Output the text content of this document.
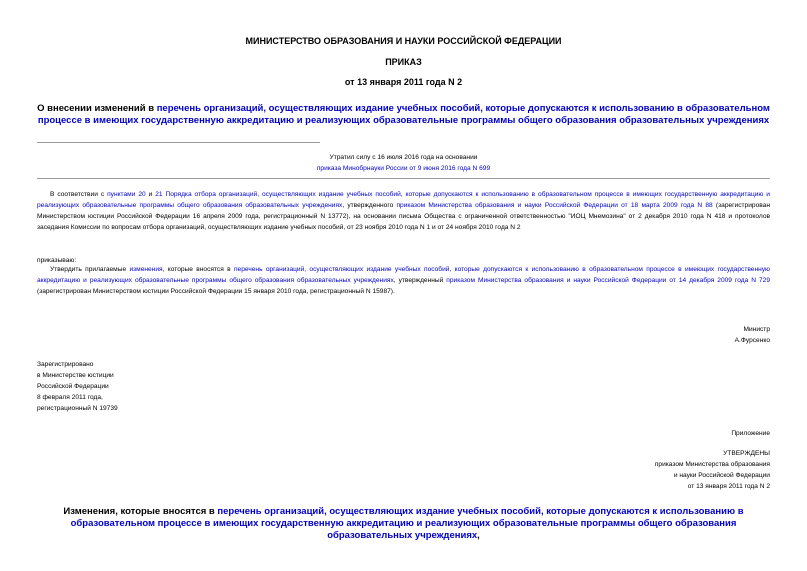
МИНИСТЕРСТВО ОБРАЗОВАНИЯ И НАУКИ РОССИЙСКОЙ ФЕДЕРАЦИИ
ПРИКАЗ
от 13 января 2011 года N 2
О внесении изменений в перечень организаций, осуществляющих издание учебных пособий, которые допускаются к использованию в образовательном процессе в имеющих государственную аккредитацию и реализующих образовательные программы общего образования образовательных учреждениях
Утратил силу с 16 июля 2016 года на основании
приказа Минобрнауки России от 9 июня 2016 года N 699
В соответствии с пунктами 20 и 21 Порядка отбора организаций, осуществляющих издание учебных пособий, которые допускаются к использованию в образовательном процессе в имеющих государственную аккредитацию и реализующих образовательные программы общего образования образовательных учреждениях, утвержденного приказом Министерства образования и науки Российской Федерации от 18 марта 2009 года N 88 (зарегистрирован Министерством юстиции Российской Федерации 16 апреля 2009 года, регистрационный N 13772), на основании письма Общества с ограниченной ответственностью "ИОЦ Мнемозина" от 2 декабря 2010 года N 418 и протоколов заседания Комиссии по вопросам отбора организаций, осуществляющих издание учебных пособий, от 23 ноября 2010 года N 1 и от 24 ноября 2010 года N 2
приказываю:
Утвердить прилагаемые изменения, которые вносятся в перечень организаций, осуществляющих издание учебных пособий, которые допускаются к использованию в образовательном процессе в имеющих государственную аккредитацию и реализующих образовательные программы общего образования образовательных учреждениях, утвержденный приказом Министерства образования и науки Российской Федерации от 14 декабря 2009 года N 729 (зарегистрирован Министерством юстиции Российской Федерации 15 января 2010 года, регистрационный N 15987).
Министр
А.Фурсенко
Зарегистрировано
в Министерстве юстиции
Российской Федерации
8 февраля 2011 года,
регистрационный N 19739
Приложение
УТВЕРЖДЕНЫ
приказом Министерства образования
и науки Российской Федерации
от 13 января 2011 года N 2
Изменения, которые вносятся в перечень организаций, осуществляющих издание учебных пособий, которые допускаются к использованию в образовательном процессе в имеющих государственную аккредитацию и реализующих образовательные программы общего образования образовательных учреждениях,
